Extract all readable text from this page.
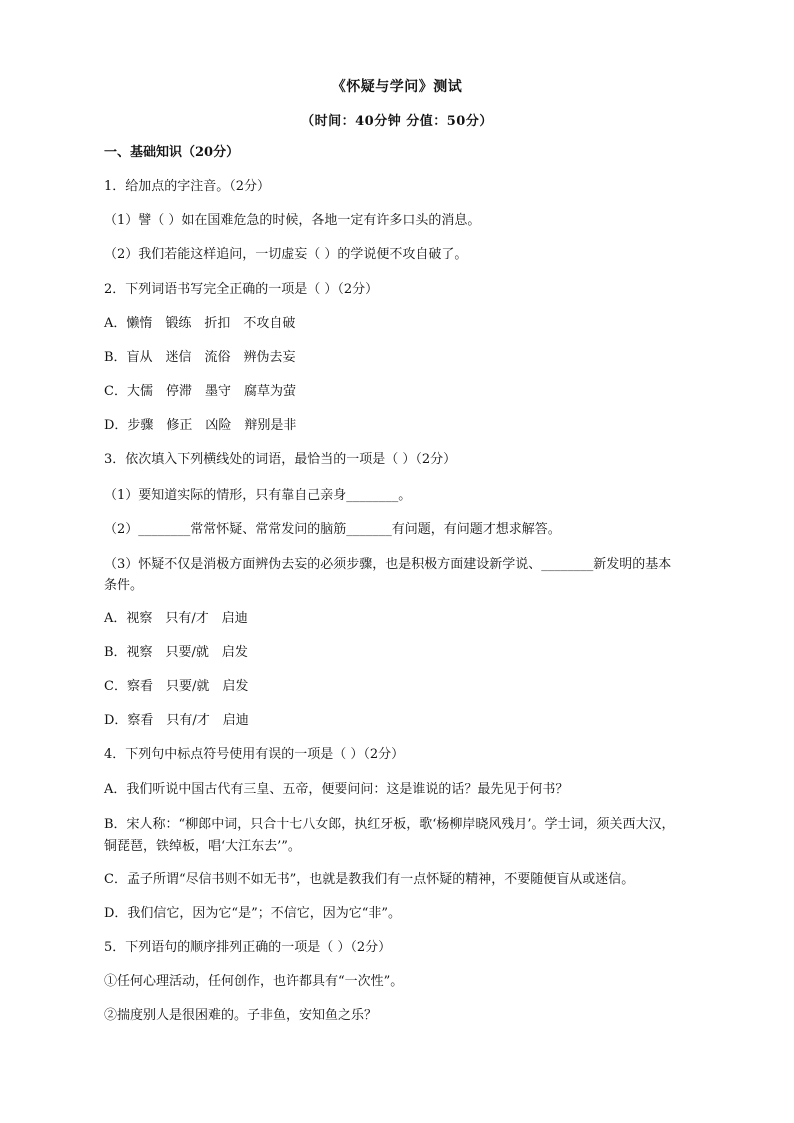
《怀疑与学问》测试
（时间：40分钟 分值：50分）
一、基础知识（20分）
1．给加点的字注音。（2分）
（1）譬（ ）如在国难危急的时候，各地一定有许多口头的消息。
（2）我们若能这样追问，一切虚妄（ ）的学说便不攻自破了。
2．下列词语书写完全正确的一项是（ ）（2分）
A．懒惰　锻练　折扣　不攻自破
B．盲从　迷信　流俗　辨伪去妄
C．大儒　停滞　墨守　腐草为萤
D．步骤　修正　凶险　辩别是非
3．依次填入下列横线处的词语，最恰当的一项是（ ）（2分）
（1）要知道实际的情形，只有靠自己亲身________。
（2）________常常怀疑、常常发问的脑筋_______有问题，有问题才想求解答。
（3）怀疑不仅是消极方面辨伪去妄的必须步骤，也是积极方面建设新学说、________新发明的基本
条件。
A．视察　只有/才　启迪
B．视察　只要/就　启发
C．察看　只要/就　启发
D．察看　只有/才　启迪
4．下列句中标点符号使用有误的一项是（ ）（2分）
A．我们听说中国古代有三皇、五帝，便要问问：这是谁说的话？最先见于何书？
B．宋人称：“柳郎中词，只合十七八女郎，执红牙板，歌‘杨柳岸晓风残月’。学士词，须关西大汉，
铜琵琶，铁绰板，唱‘大江东去’”。
C．孟子所谓“尽信书则不如无书”，也就是教我们有一点怀疑的精神，不要随便盲从或迷信。
D．我们信它，因为它“是”；不信它，因为它“非”。
5．下列语句的顺序排列正确的一项是（ ）（2分）
①任何心理活动，任何创作，也许都具有“一次性”。
②揣度别人是很困难的。子非鱼，安知鱼之乐？
